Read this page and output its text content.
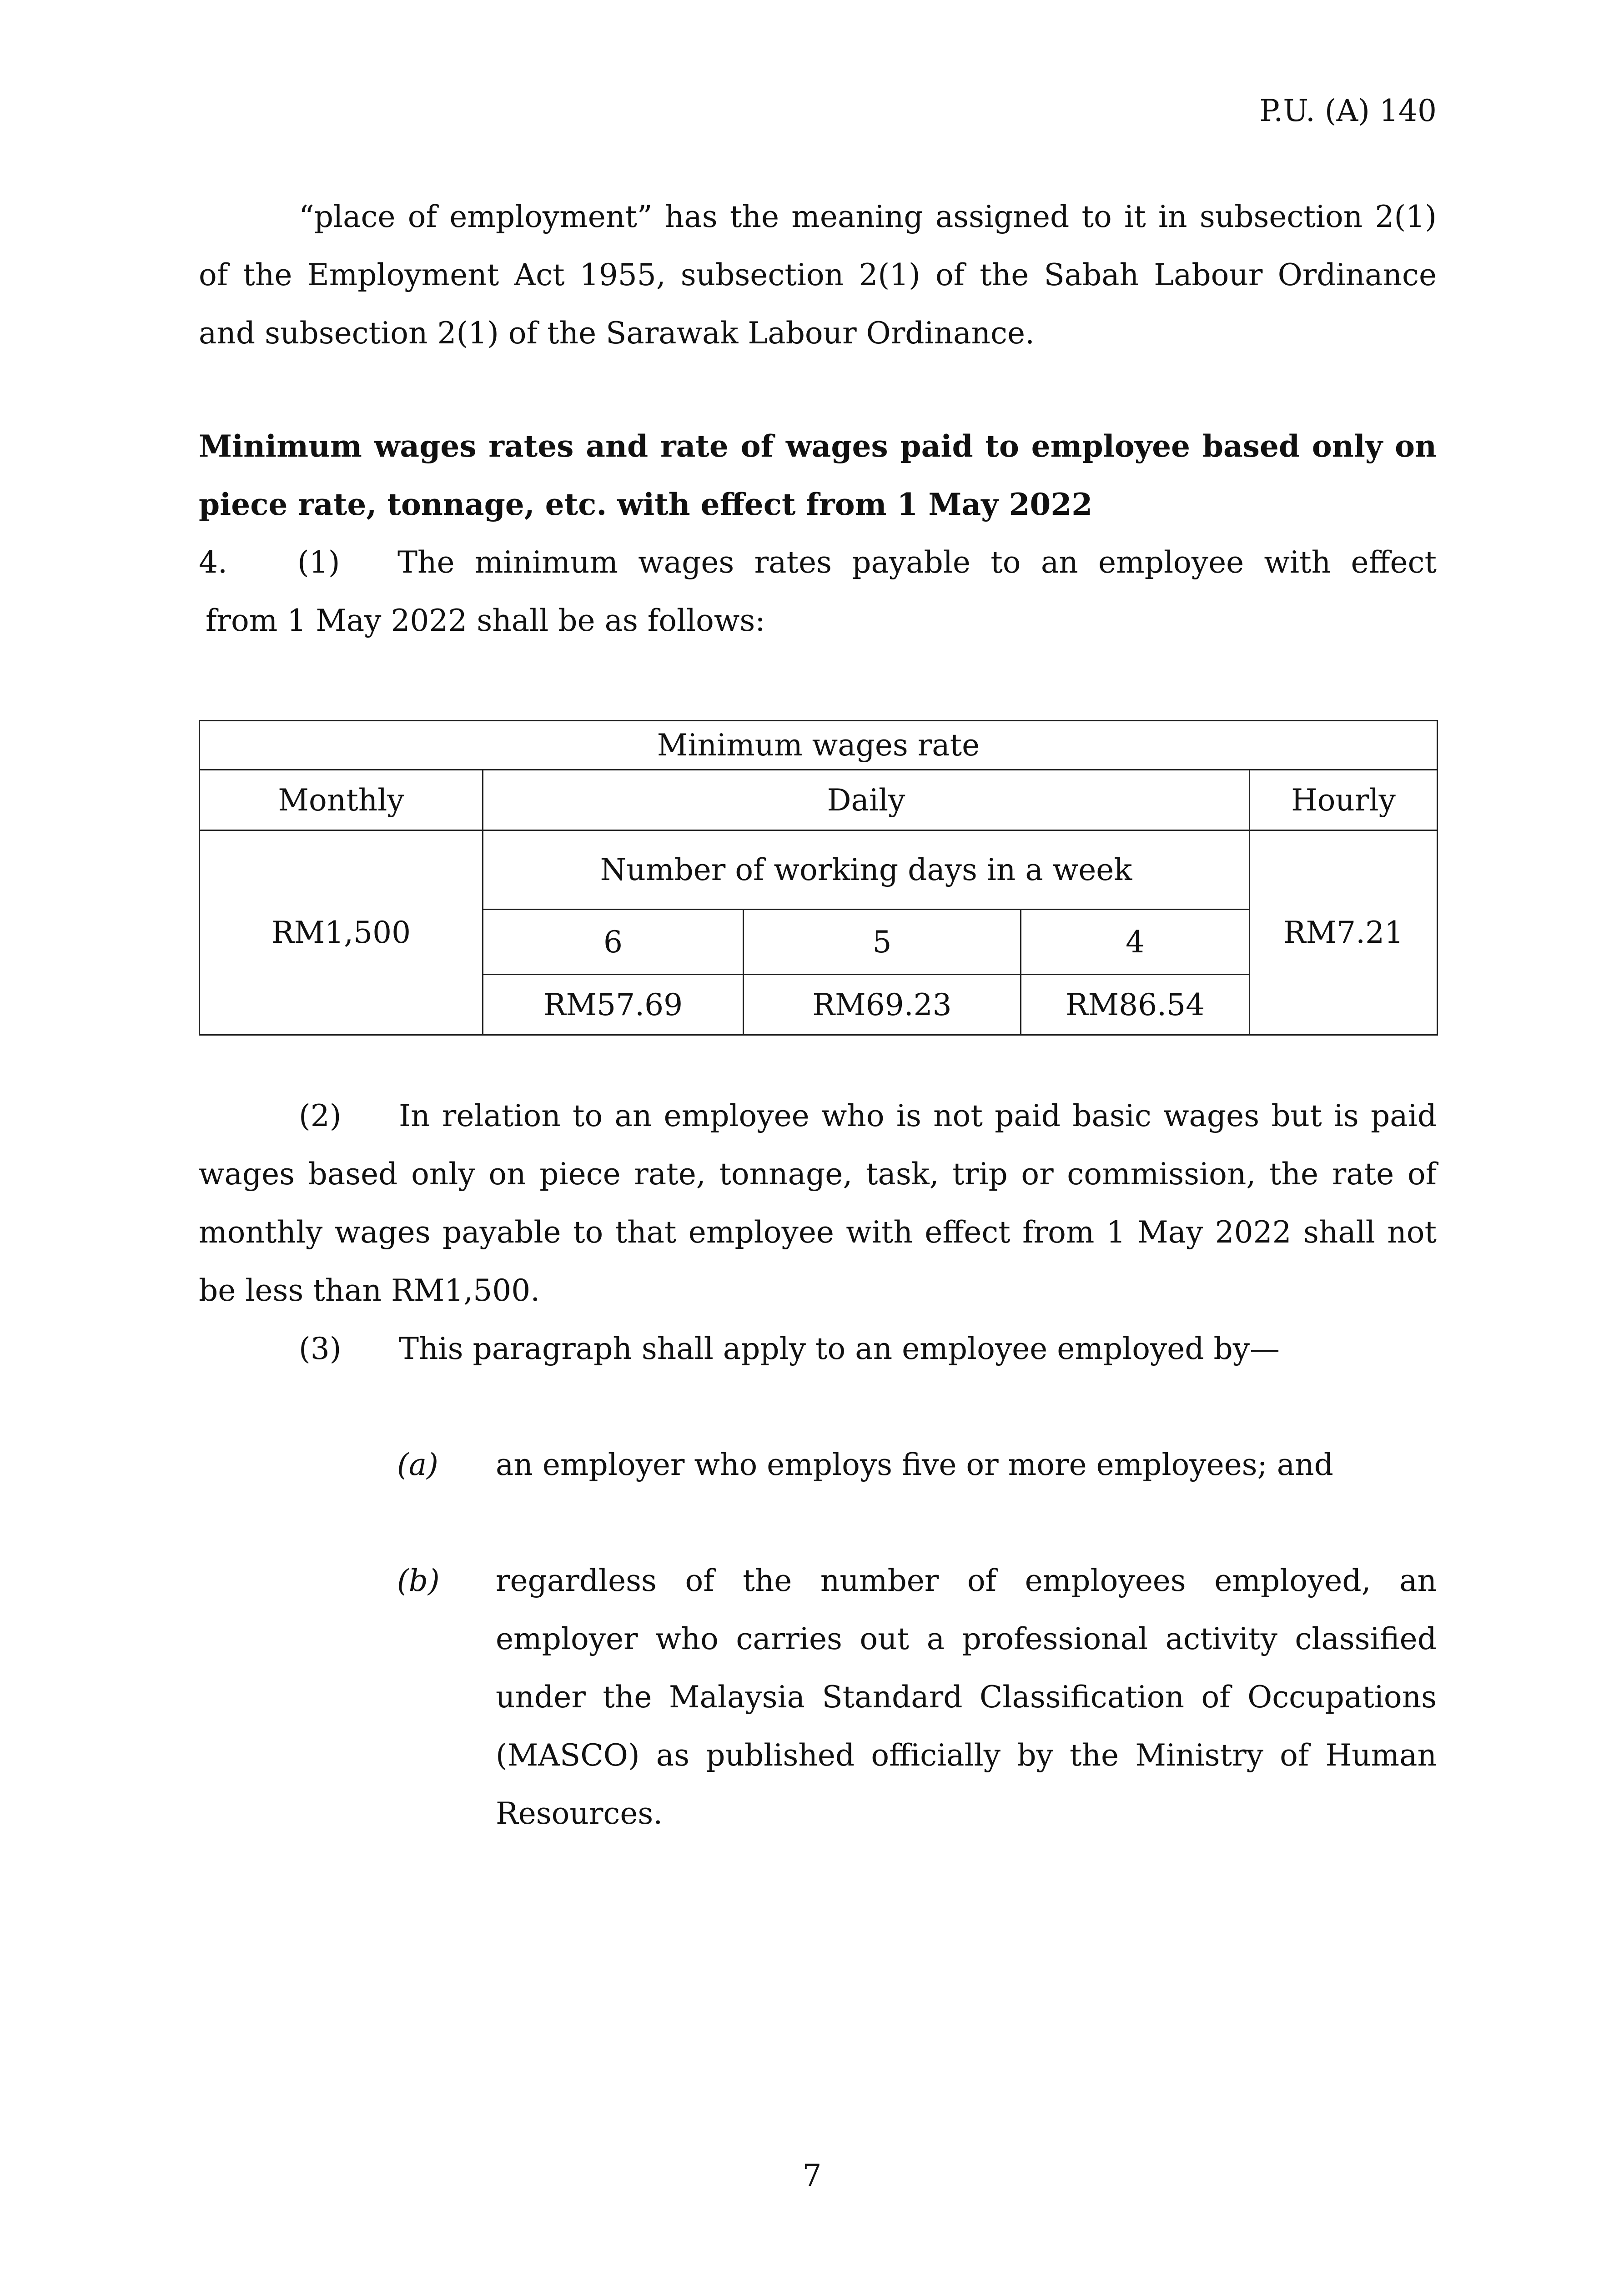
P.U. (A) 140
“place of employment” has the meaning assigned to it in subsection 2(1) of the Employment Act 1955, subsection 2(1) of the Sabah Labour Ordinance and subsection 2(1) of the Sarawak Labour Ordinance.
Minimum wages rates and rate of wages paid to employee based only on piece rate, tonnage, etc. with effect from 1 May 2022
4. (1) The minimum wages rates payable to an employee with effect
from 1 May 2022 shall be as follows:
Minimum wages rate				
Monthly	Daily			Hourly
RM1,500	Number of working days in a week			RM7.21
	6	5	4	
	RM57.69	RM69.23	RM86.54	
(2) In relation to an employee who is not paid basic wages but is paid wages based only on piece rate, tonnage, task, trip or commission, the rate of monthly wages payable to that employee with effect from 1 May 2022 shall not be less than RM1,500.
(3) This paragraph shall apply to an employee employed by—
(a) an employer who employs five or more employees; and
(b) regardless of the number of employees employed, an employer who carries out a professional activity classified under the Malaysia Standard Classification of Occupations (MASCO) as published officially by the Ministry of Human Resources.
7
